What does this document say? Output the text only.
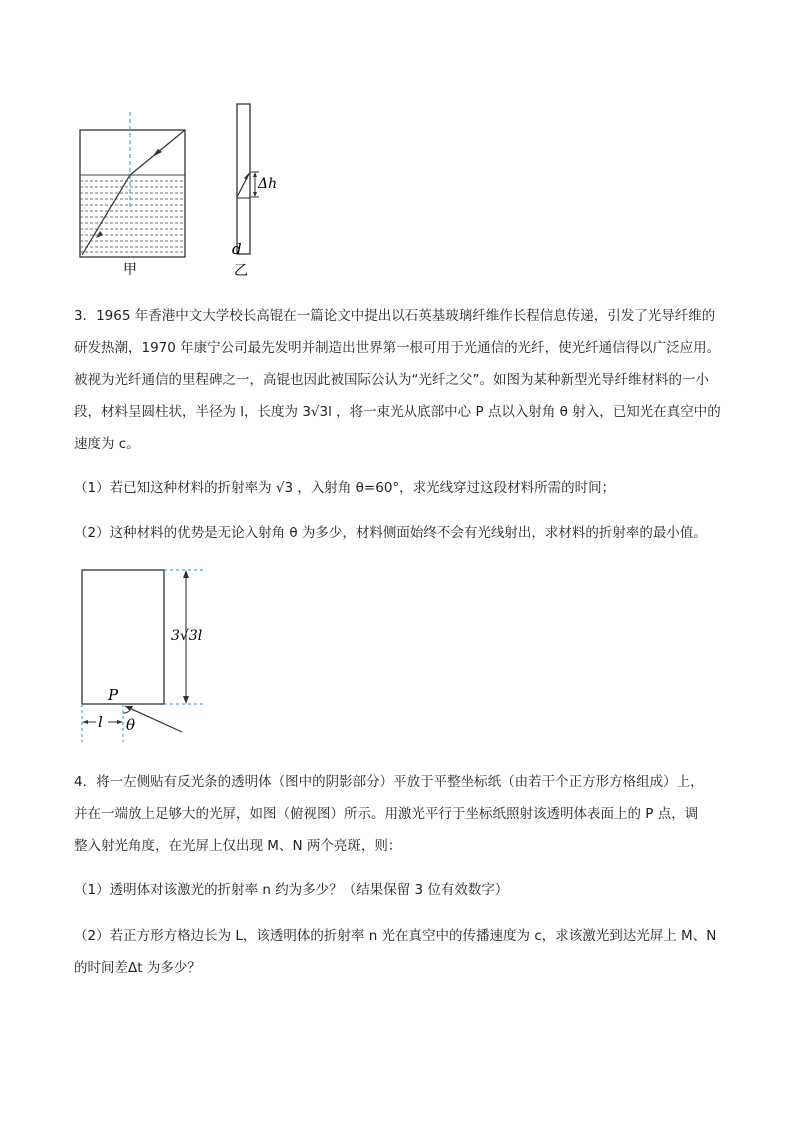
甲
Δh
d
乙
3．1965 年香港中文大学校长高锟在一篇论文中提出以石英基玻璃纤维作长程信息传递，引发了光导纤维的
研发热潮，1970 年康宁公司最先发明并制造出世界第一根可用于光通信的光纤，使光纤通信得以广泛应用。
被视为光纤通信的里程碑之一，高锟也因此被国际公认为“光纤之父”。如图为某种新型光导纤维材料的一小
段，材料呈圆柱状，半径为 l，长度为 3√3l ，将一束光从底部中心 P 点以入射角 θ 射入，已知光在真空中的
速度为 c。
（1）若已知这种材料的折射率为 √3 ，入射角 θ=60°，求光线穿过这段材料所需的时间；
（2）这种材料的优势是无论入射角 θ 为多少，材料侧面始终不会有光线射出，求材料的折射率的最小值。
3√3l
l
P
θ
4．将一左侧贴有反光条的透明体（图中的阴影部分）平放于平整坐标纸（由若干个正方形方格组成）上，
并在一端放上足够大的光屏，如图（俯视图）所示。用激光平行于坐标纸照射该透明体表面上的 P 点，调
整入射光角度，在光屏上仅出现 M、N 两个亮斑，则：
（1）透明体对该激光的折射率 n 约为多少？（结果保留 3 位有效数字）
（2）若正方形方格边长为 L，该透明体的折射率 n 光在真空中的传播速度为 c，求该激光到达光屏上 M、N
的时间差Δt 为多少？
